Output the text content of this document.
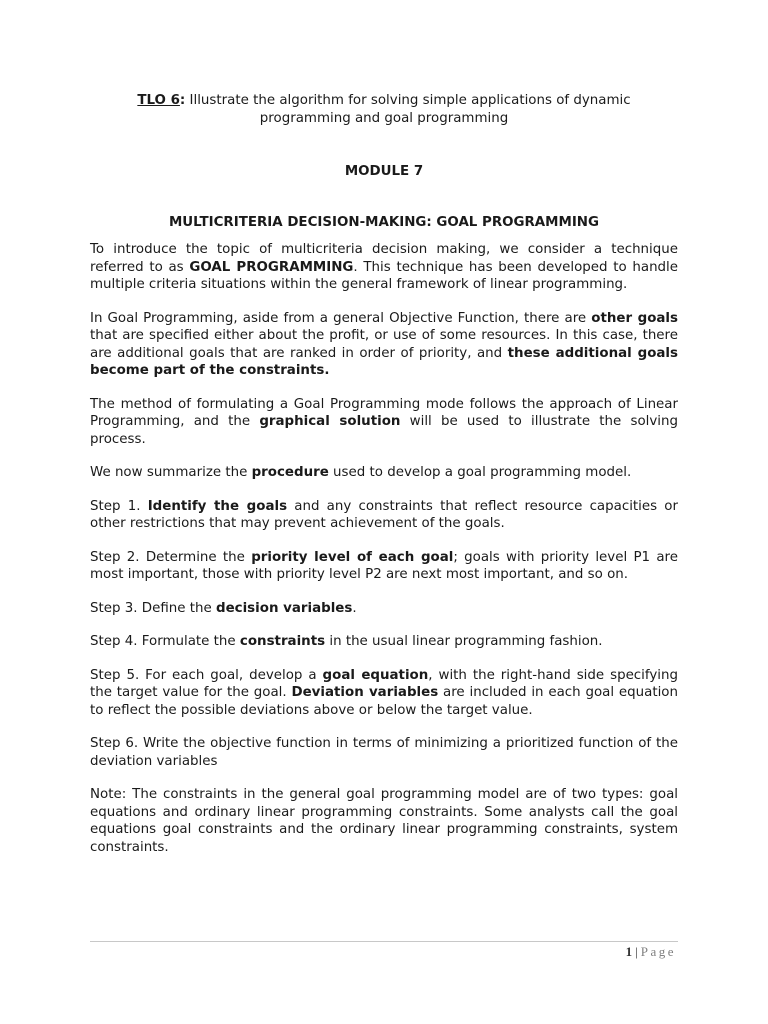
TLO 6: Illustrate the algorithm for solving simple applications of dynamic programming and goal programming

MODULE 7

MULTICRITERIA DECISION-MAKING: GOAL PROGRAMMING

To introduce the topic of multicriteria decision making, we consider a technique referred to as GOAL PROGRAMMING. This technique has been developed to handle multiple criteria situations within the general framework of linear programming.

In Goal Programming, aside from a general Objective Function, there are other goals that are specified either about the profit, or use of some resources. In this case, there are additional goals that are ranked in order of priority, and these additional goals become part of the constraints.

The method of formulating a Goal Programming mode follows the approach of Linear Programming, and the graphical solution will be used to illustrate the solving process.

We now summarize the procedure used to develop a goal programming model.

Step 1. Identify the goals and any constraints that reflect resource capacities or other restrictions that may prevent achievement of the goals.

Step 2. Determine the priority level of each goal; goals with priority level P1 are most important, those with priority level P2 are next most important, and so on.

Step 3. Define the decision variables.

Step 4. Formulate the constraints in the usual linear programming fashion.

Step 5. For each goal, develop a goal equation, with the right-hand side specifying the target value for the goal. Deviation variables are included in each goal equation to reflect the possible deviations above or below the target value.

Step 6. Write the objective function in terms of minimizing a prioritized function of the deviation variables

Note: The constraints in the general goal programming model are of two types: goal equations and ordinary linear programming constraints. Some analysts call the goal equations goal constraints and the ordinary linear programming constraints, system constraints.

1 | Page
